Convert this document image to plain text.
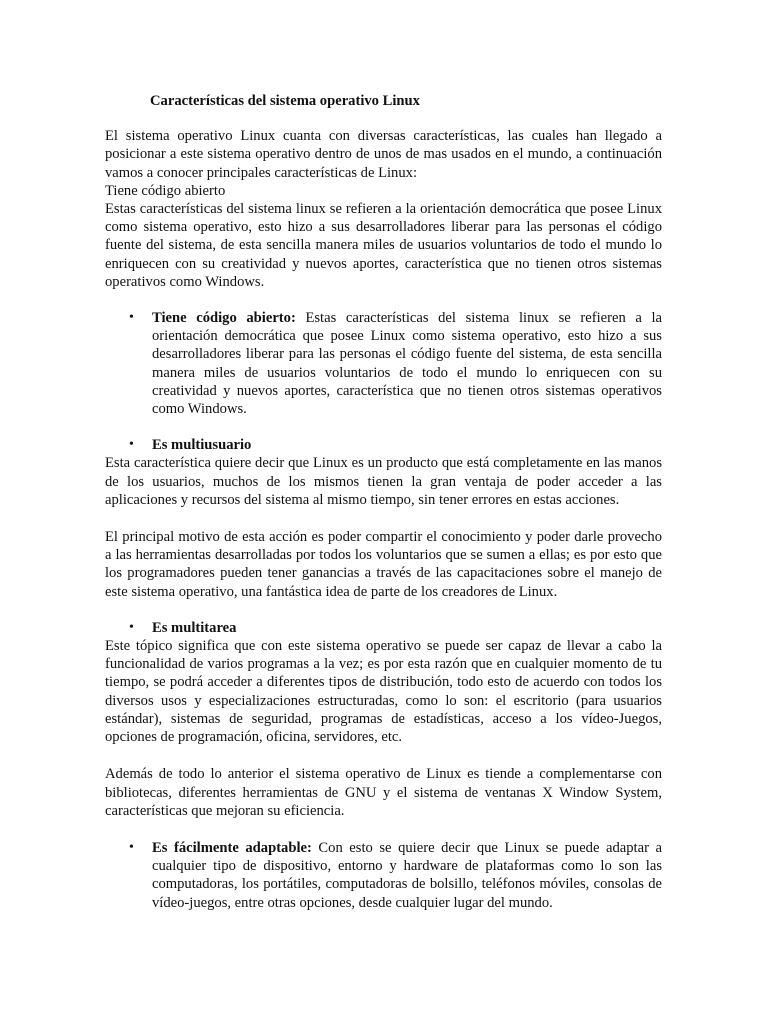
Características del sistema operativo Linux

El sistema operativo Linux cuanta con diversas características, las cuales han llegado a posicionar a este sistema operativo dentro de unos de mas usados en el mundo, a continuación vamos a conocer principales características de Linux:

Tiene código abierto

Estas características del sistema linux se refieren a la orientación democrática que posee Linux como sistema operativo, esto hizo a sus desarrolladores liberar para las personas el código fuente del sistema, de esta sencilla manera miles de usuarios voluntarios de todo el mundo lo enriquecen con su creatividad y nuevos aportes, característica que no tienen otros sistemas operativos como Windows.

• Tiene código abierto: Estas características del sistema linux se refieren a la orientación democrática que posee Linux como sistema operativo, esto hizo a sus desarrolladores liberar para las personas el código fuente del sistema, de esta sencilla manera miles de usuarios voluntarios de todo el mundo lo enriquecen con su creatividad y nuevos aportes, característica que no tienen otros sistemas operativos como Windows.

• Es multiusuario

Esta característica quiere decir que Linux es un producto que está completamente en las manos de los usuarios, muchos de los mismos tienen la gran ventaja de poder acceder a las aplicaciones y recursos del sistema al mismo tiempo, sin tener errores en estas acciones.

El principal motivo de esta acción es poder compartir el conocimiento y poder darle provecho a las herramientas desarrolladas por todos los voluntarios que se sumen a ellas; es por esto que los programadores pueden tener ganancias a través de las capacitaciones sobre el manejo de este sistema operativo, una fantástica idea de parte de los creadores de Linux.

• Es multitarea

Este tópico significa que con este sistema operativo se puede ser capaz de llevar a cabo la funcionalidad de varios programas a la vez; es por esta razón que en cualquier momento de tu tiempo, se podrá acceder a diferentes tipos de distribución, todo esto de acuerdo con todos los diversos usos y especializaciones estructuradas, como lo son: el escritorio (para usuarios estándar), sistemas de seguridad, programas de estadísticas, acceso a los vídeo-Juegos, opciones de programación, oficina, servidores, etc.

Además de todo lo anterior el sistema operativo de Linux es tiende a complementarse con bibliotecas, diferentes herramientas de GNU y el sistema de ventanas X Window System, características que mejoran su eficiencia.

• Es fácilmente adaptable: Con esto se quiere decir que Linux se puede adaptar a cualquier tipo de dispositivo, entorno y hardware de plataformas como lo son las computadoras, los portátiles, computadoras de bolsillo, teléfonos móviles, consolas de vídeo-juegos, entre otras opciones, desde cualquier lugar del mundo.
